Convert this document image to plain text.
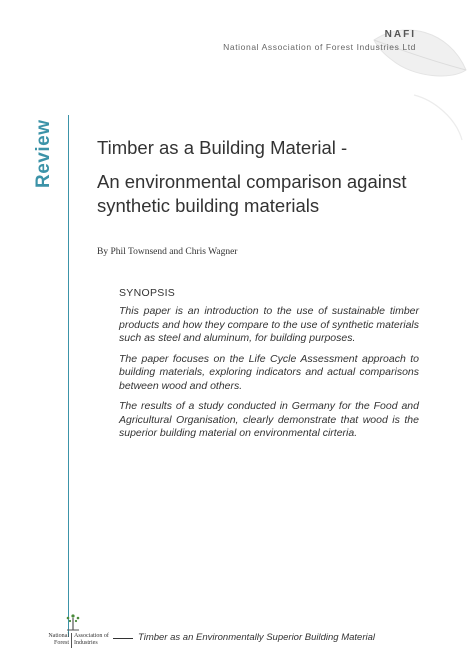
NAFI
National Association of Forest Industries Ltd
Review Timber as a Building Material -
An environmental comparison against synthetic building materials
By Phil Townsend and Chris Wagner
SYNOPSIS

This paper is an introduction to the use of sustainable timber products and how they compare to the use of synthetic materials such as steel and aluminum, for building purposes.

The paper focuses on the Life Cycle Assessment approach to building materials, exploring indicators and actual comparisons between wood and others.

The results of a study conducted in Germany for the Food and Agricultural Organisation, clearly demonstrate that wood is the superior building material on environmental cirteria.

National
Forest
Association of
Industries	Timber as an Environmentally Superior Building Material
